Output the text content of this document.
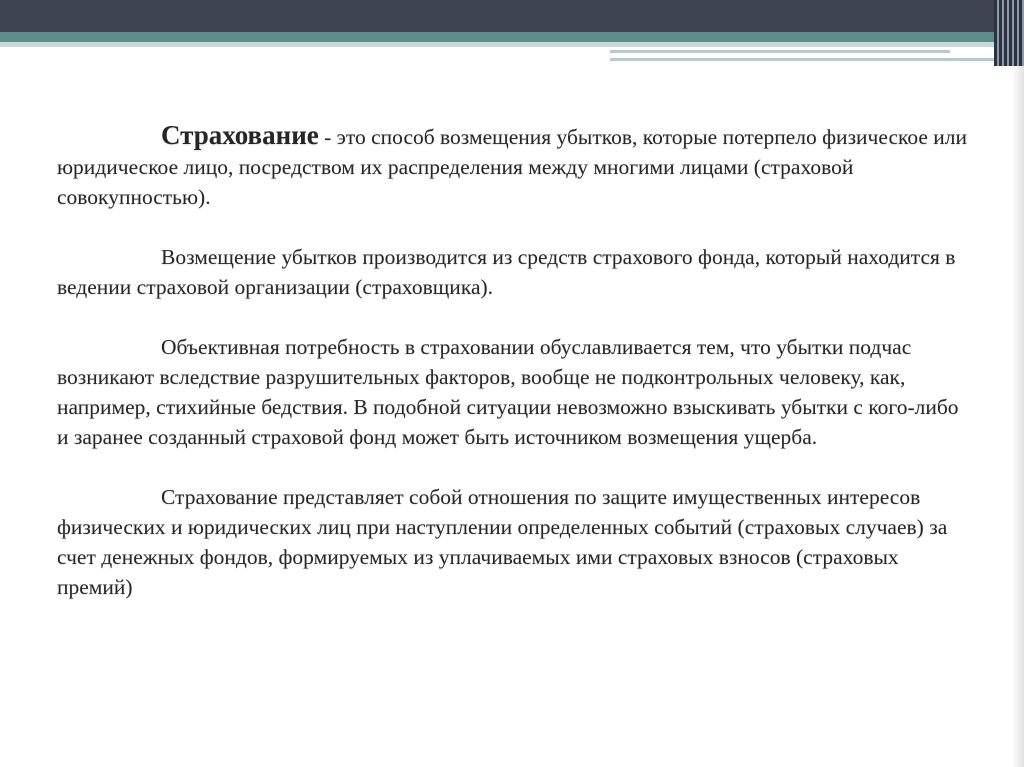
Страхование - это способ возмещения убытков, которые потерпело физическое или юридическое лицо, посредством их распределения между многими лицами (страховой совокупностью).

Возмещение убытков производится из средств страхового фонда, который находится в ведении страховой организации (страховщика).

Объективная потребность в страховании обуславливается тем, что убытки подчас возникают вследствие разрушительных факторов, вообще не подконтрольных человеку, как, например, стихийные бедствия. В подобной ситуации невозможно взыскивать убытки с кого-либо и заранее созданный страховой фонд может быть источником возмещения ущерба.

Страхование представляет собой отношения по защите имущественных интересов физических и юридических лиц при наступлении определенных событий (страховых случаев) за счет денежных фондов, формируемых из уплачиваемых ими страховых взносов (страховых премий)
